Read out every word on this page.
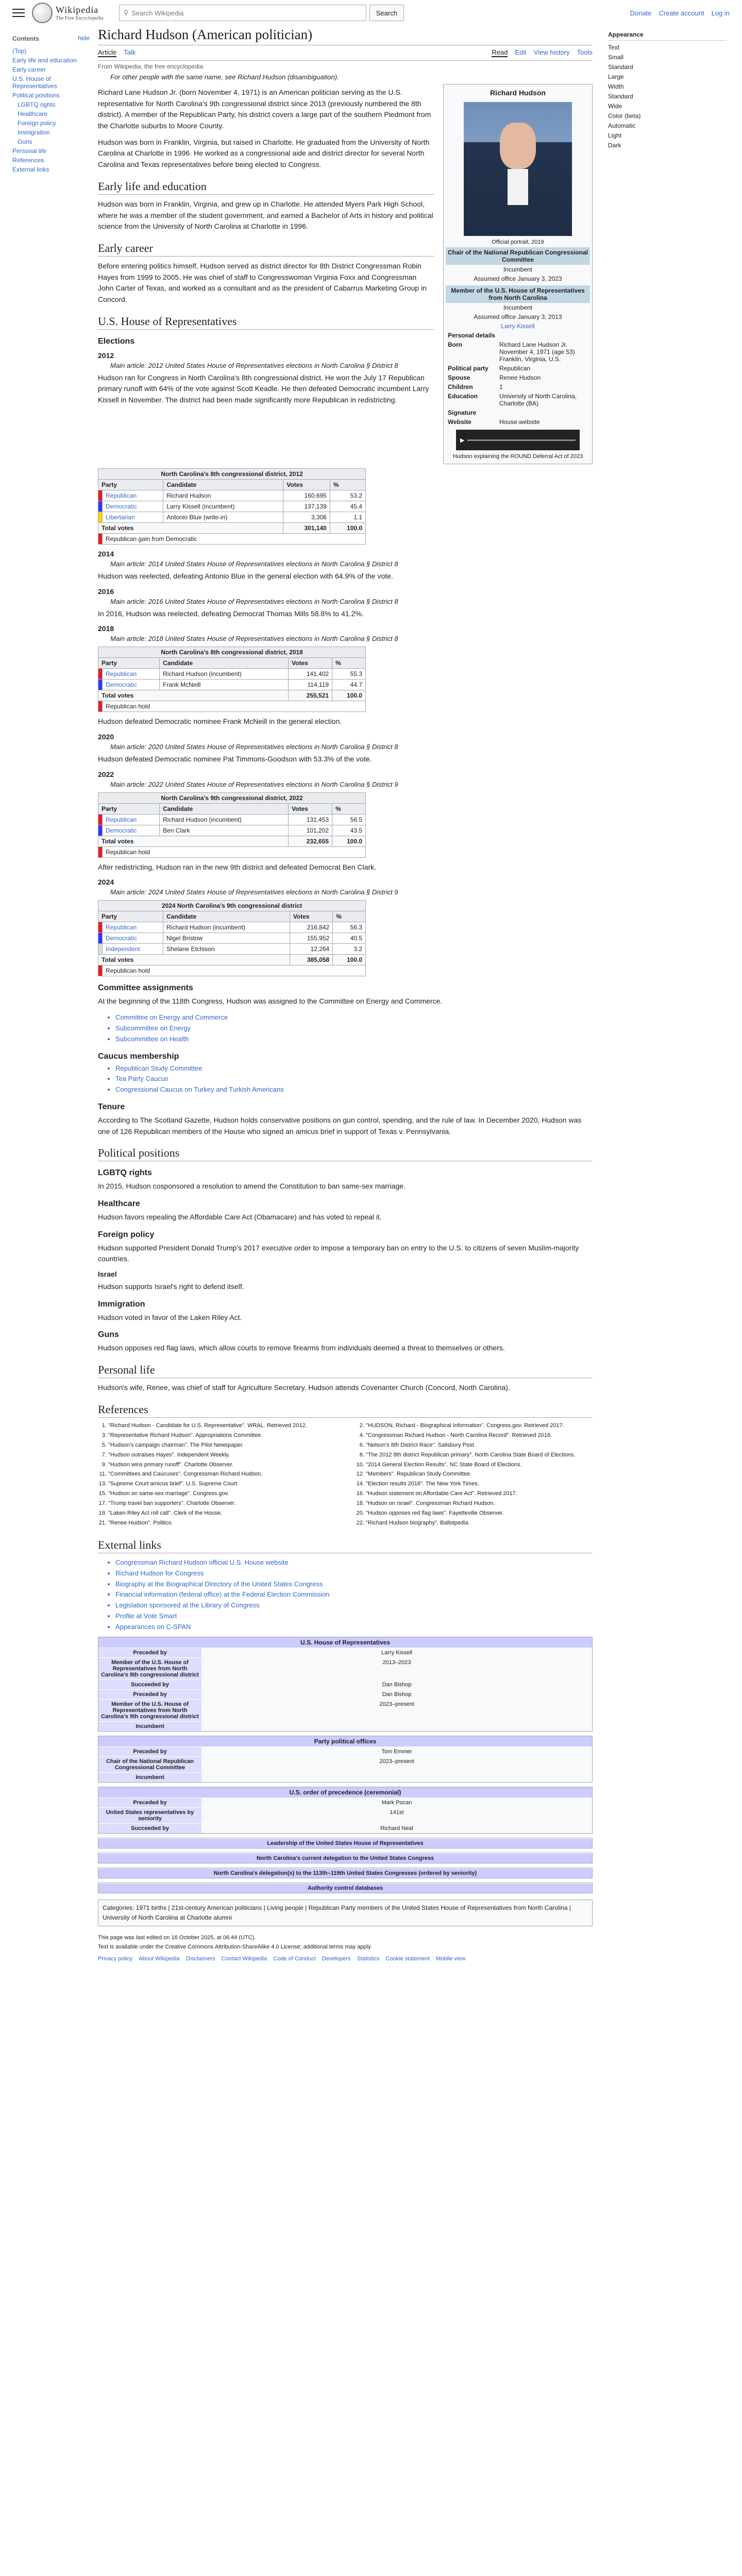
Wikipedia
The Free Encyclopedia
⚲ Search Wikipedia	Search	Donate Create account Log in
Contents	hide
(Top)
Early life and education
Early career
U.S. House of Representatives
Political positions
LGBTQ rights
Healthcare
Foreign policy
Immigration
Guns
Personal life
References
External links
Appearance
Text
Small
Standard
Large
Width
Standard
Wide
Color (beta)
Automatic
Light
Dark
Richard Hudson (American politician)
Article Talk	Read Edit View history Tools
From Wikipedia, the free encyclopedia
For other people with the same name, see Richard Hudson (disambiguation).

Richard Lane Hudson Jr. (born November 4, 1971) is an American politician serving as the U.S. representative for North Carolina's 9th congressional district since 2013 (previously numbered the 8th district). A member of the Republican Party, his district covers a large part of the southern Piedmont from the Charlotte suburbs to Moore County.

Hudson was born in Franklin, Virginia, but raised in Charlotte. He graduated from the University of North Carolina at Charlotte in 1996. He worked as a congressional aide and district director for several North Carolina and Texas representatives before being elected to Congress.

Early life and education

Hudson was born in Franklin, Virginia, and grew up in Charlotte. He attended Myers Park High School, where he was a member of the student government, and earned a Bachelor of Arts in history and political science from the University of North Carolina at Charlotte in 1996.

Early career

Before entering politics himself, Hudson served as district director for 8th District Congressman Robin Hayes from 1999 to 2005. He was chief of staff to Congresswoman Virginia Foxx and Congressman John Carter of Texas, and worked as a consultant and as the president of Cabarrus Marketing Group in Concord.

U.S. House of Representatives
Elections
2012
Main article: 2012 United States House of Representatives elections in North Carolina § District 8

Hudson ran for Congress in North Carolina's 8th congressional district. He won the July 17 Republican primary runoff with 64% of the vote against Scott Keadle. He then defeated Democratic incumbent Larry Kissell in November. The district had been made significantly more Republican in redistricting.

Richard Hudson
Official portrait, 2019
Chair of the National Republican Congressional Committee
Incumbent
Assumed office January 3, 2023
Member of the U.S. House of Representatives from North Carolina
Incumbent
Assumed office January 3, 2013
Larry Kissell
Personal details
Born	Richard Lane Hudson Jr. November 4, 1971 (age 53) Franklin, Virginia, U.S.
Political party	Republican
Spouse	Renee Hudson
Children	1
Education	University of North Carolina, Charlotte (BA)
Signature
Website	House website
▶
Hudson explaining the ROUND Deferral Act of 2023
North Carolina's 8th congressional district, 2012
Party		Candidate	Votes	%
	Republican	Richard Hudson	160,695	53.2
	Democratic	Larry Kissell (incumbent)	137,139	45.4
	Libertarian	Antonio Blue (write-in)	3,306	1.1
Total votes			301,140	100.0
	Republican gain from Democratic			
2014
Main article: 2014 United States House of Representatives elections in North Carolina § District 8

Hudson was reelected, defeating Antonio Blue in the general election with 64.9% of the vote.

2016
Main article: 2016 United States House of Representatives elections in North Carolina § District 8

In 2016, Hudson was reelected, defeating Democrat Thomas Mills 58.8% to 41.2%.

2018
Main article: 2018 United States House of Representatives elections in North Carolina § District 8
North Carolina's 8th congressional district, 2018
Party		Candidate	Votes	%
	Republican	Richard Hudson (incumbent)	141,402	55.3
	Democratic	Frank McNeill	114,119	44.7
Total votes			255,521	100.0
	Republican hold			

Hudson defeated Democratic nominee Frank McNeill in the general election.

2020
Main article: 2020 United States House of Representatives elections in North Carolina § District 8

Hudson defeated Democratic nominee Pat Timmons-Goodson with 53.3% of the vote.

2022
Main article: 2022 United States House of Representatives elections in North Carolina § District 9
North Carolina's 9th congressional district, 2022
Party		Candidate	Votes	%
	Republican	Richard Hudson (incumbent)	131,453	56.5
	Democratic	Ben Clark	101,202	43.5
Total votes			232,655	100.0
	Republican hold			

After redistricting, Hudson ran in the new 9th district and defeated Democrat Ben Clark.

2024
Main article: 2024 United States House of Representatives elections in North Carolina § District 9
2024 North Carolina's 9th congressional district
Party		Candidate	Votes	%
	Republican	Richard Hudson (incumbent)	216,842	56.3
	Democratic	Nigel Bristow	155,952	40.5
	Independent	Shelane Etchison	12,264	3.2
Total votes			385,058	100.0
	Republican hold			
Committee assignments

At the beginning of the 118th Congress, Hudson was assigned to the Committee on Energy and Commerce.

• Committee on Energy and Commerce
• Subcommittee on Energy
• Subcommittee on Health
Caucus membership
• Republican Study Committee
• Tea Party Caucus
• Congressional Caucus on Turkey and Turkish Americans
Tenure

According to The Scotland Gazette, Hudson holds conservative positions on gun control, spending, and the rule of law. In December 2020, Hudson was one of 126 Republican members of the House who signed an amicus brief in support of Texas v. Pennsylvania.

Political positions
LGBTQ rights

In 2015, Hudson cosponsored a resolution to amend the Constitution to ban same-sex marriage.

Healthcare

Hudson favors repealing the Affordable Care Act (Obamacare) and has voted to repeal it.

Foreign policy

Hudson supported President Donald Trump's 2017 executive order to impose a temporary ban on entry to the U.S. to citizens of seven Muslim-majority countries.

Israel

Hudson supports Israel's right to defend itself.

Immigration

Hudson voted in favor of the Laken Riley Act.

Guns

Hudson opposes red flag laws, which allow courts to remove firearms from individuals deemed a threat to themselves or others.

Personal life

Hudson's wife, Renee, was chief of staff for Agriculture Secretary. Hudson attends Covenanter Church (Concord, North Carolina).

References
1. "Richard Hudson - Candidate for U.S. Representative". WRAL. Retrieved 2012.	2. "HUDSON, Richard - Biographical Information". Congress.gov. Retrieved 2017.
3. "Representative Richard Hudson". Appropriations Committee.	4. "Congressman Richard Hudson - North Carolina Record". Retrieved 2016.
5. "Hudson's campaign chairman". The Pilot Newspaper.	6. "Nelson's 8th District Race". Salisbury Post.
7. "Hudson outraises Hayes". Independent Weekly.	8. "The 2012 8th district Republican primary". North Carolina State Board of Elections.
9. "Hudson wins primary runoff". Charlotte Observer.	10. "2014 General Election Results". NC State Board of Elections.
11. "Committees and Caucuses". Congressman Richard Hudson.	12. "Members". Republican Study Committee.
13. "Supreme Court amicus brief". U.S. Supreme Court.	14. "Election results 2016". The New York Times.
15. "Hudson on same-sex marriage". Congress.gov.	16. "Hudson statement on Affordable Care Act". Retrieved 2017.
17. "Trump travel ban supporters". Charlotte Observer.	18. "Hudson on Israel". Congressman Richard Hudson.
19. "Laken Riley Act roll call". Clerk of the House.	20. "Hudson opposes red flag laws". Fayetteville Observer.
21. "Renee Hudson". Politico.	22. "Richard Hudson biography". Ballotpedia.
External links
• Congressman Richard Hudson official U.S. House website
• Richard Hudson for Congress
• Biography at the Biographical Directory of the United States Congress
• Financial information (federal office) at the Federal Election Commission
• Legislation sponsored at the Library of Congress
• Profile at Vote Smart
• Appearances on C-SPAN
U.S. House of Representatives
Preceded by	Larry Kissell
Member of the U.S. House of Representatives from North Carolina's 8th congressional district
2013–2023
Succeeded by	Dan Bishop
Preceded by	Dan Bishop
Member of the U.S. House of Representatives from North Carolina's 9th congressional district
2023–present
Incumbent
Party political offices
Preceded by	Tom Emmer
Chair of the National Republican Congressional Committee
2023–present
Incumbent
U.S. order of precedence (ceremonial)
Preceded by	Mark Pocan
United States representatives by seniority
141st
Succeeded by	Richard Neal
Leadership of the United States House of Representatives
North Carolina's current delegation to the United States Congress
North Carolina's delegation(s) to the 113th–119th United States Congresses (ordered by seniority)
Authority control databases
Categories: 1971 births | 21st-century American politicians | Living people | Republican Party members of the United States House of Representatives from North Carolina | University of North Carolina at Charlotte alumni
This page was last edited on 16 October 2025, at 06:44 (UTC).
Text is available under the Creative Commons Attribution-ShareAlike 4.0 License; additional terms may apply.
Privacy policy About Wikipedia Disclaimers Contact Wikipedia Code of Conduct Developers Statistics Cookie statement Mobile view
